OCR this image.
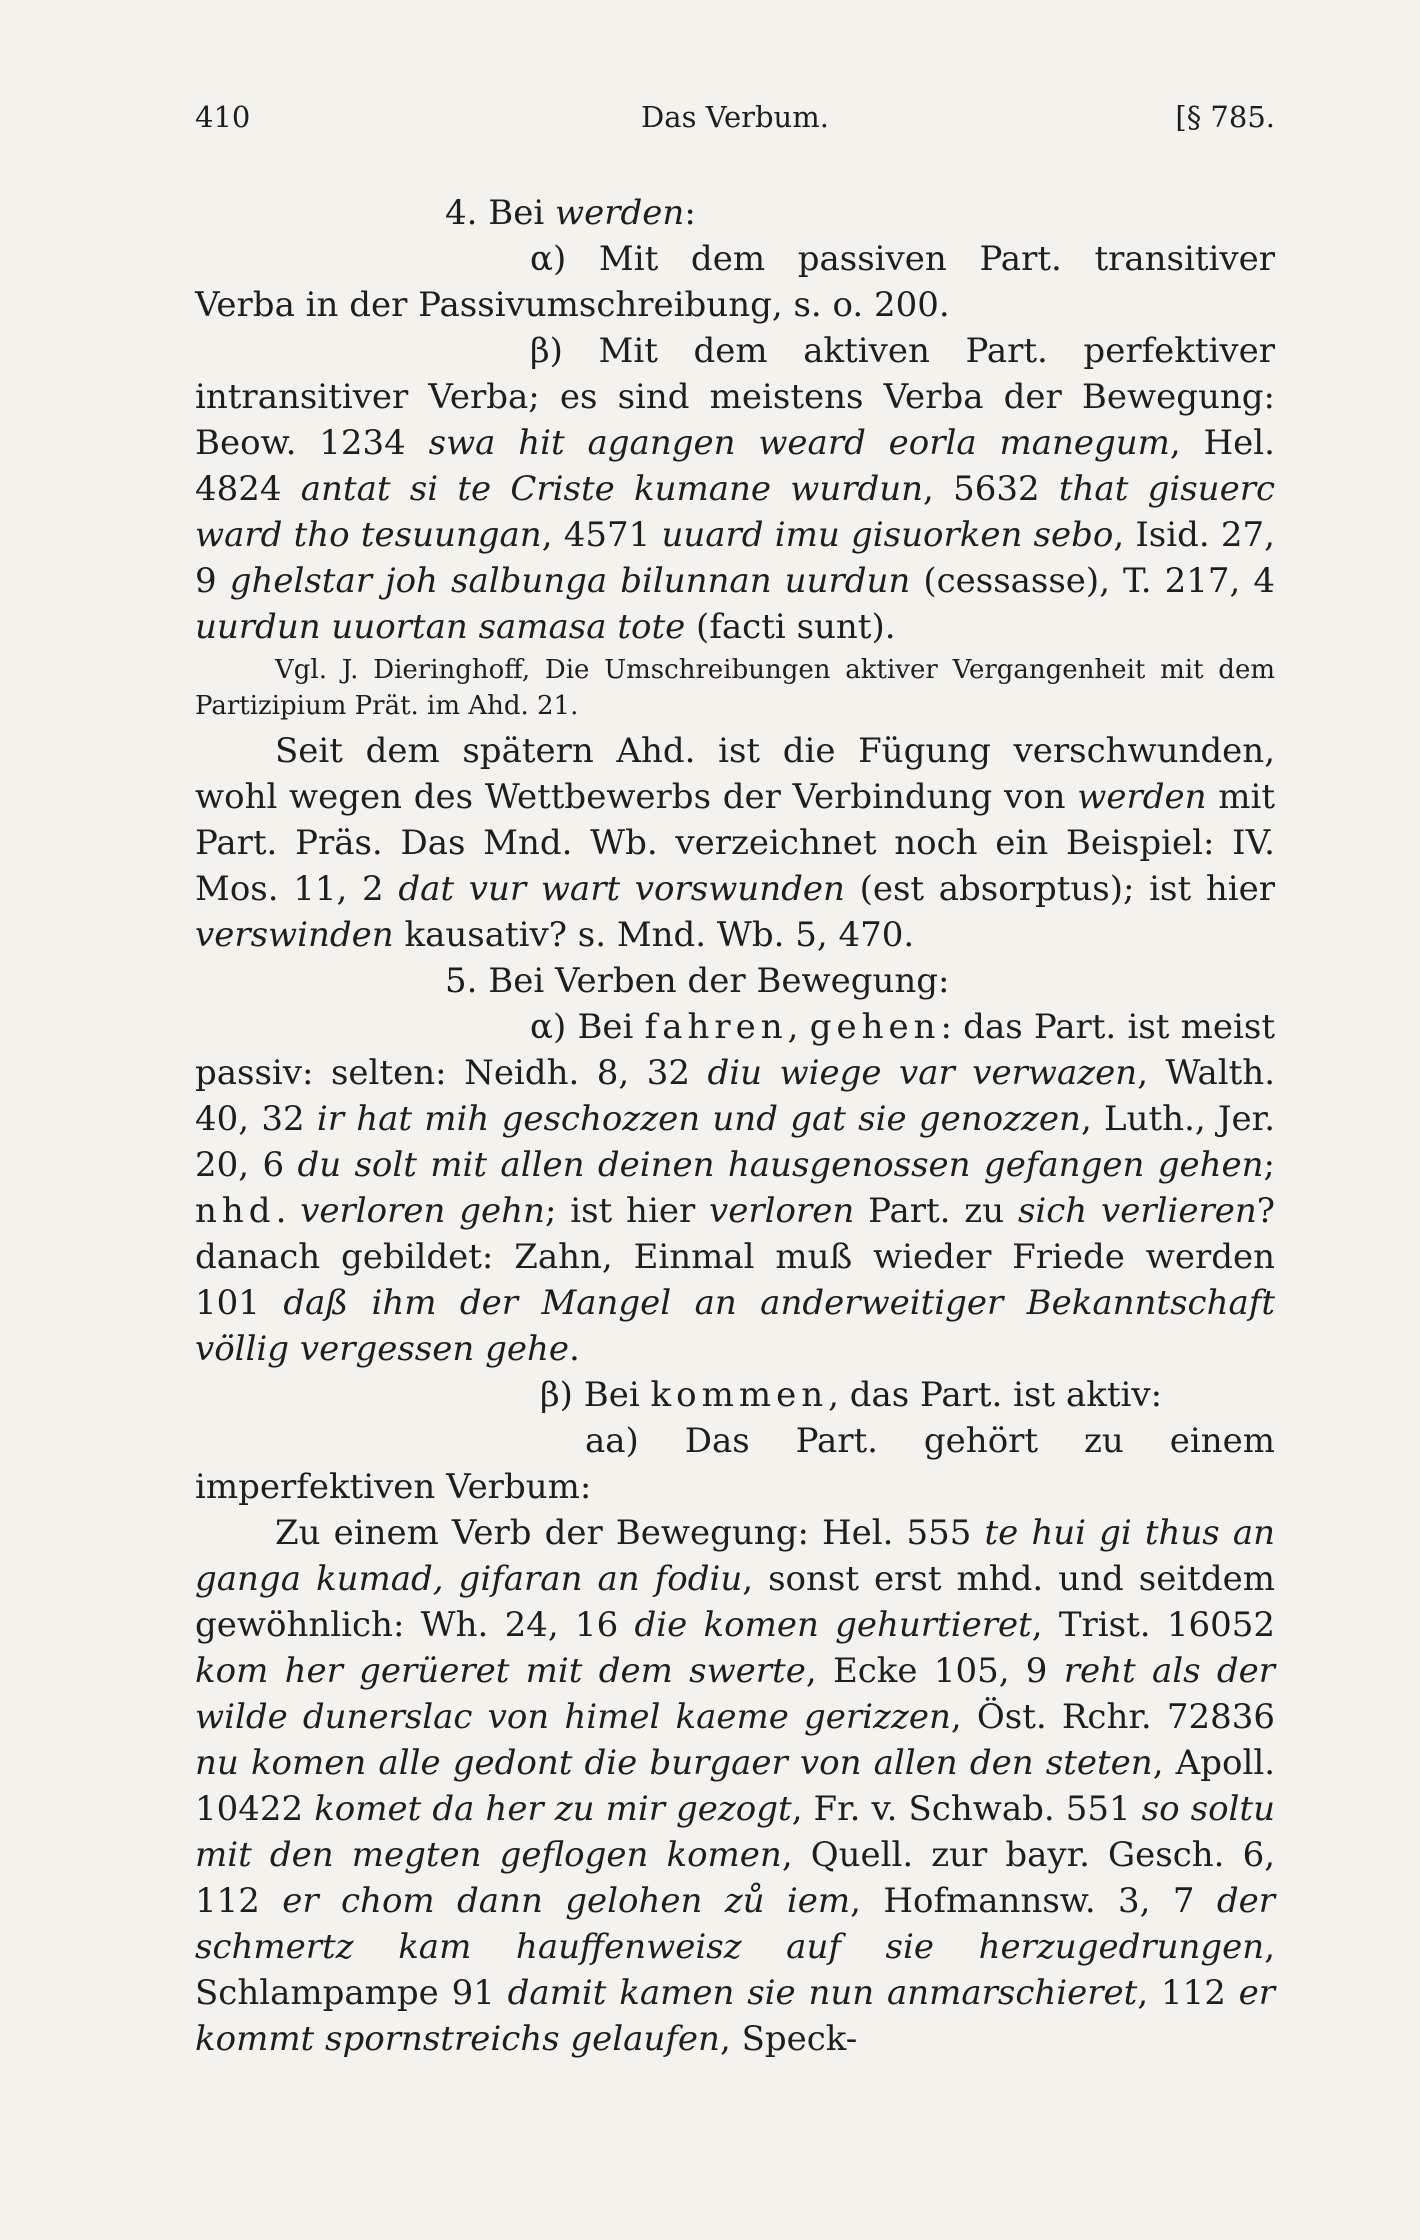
410	Das Verbum.	[§ 785.

4. Bei werden:

α) Mit dem passiven Part. transitiver Verba in der Passivumschreibung, s. o. 200.

β) Mit dem aktiven Part. perfektiver intransitiver Verba; es sind meistens Verba der Bewegung: Beow. 1234 swa hit agangen weard eorla manegum, Hel. 4824 antat si te Criste kumane wurdun, 5632 that gisuerc ward tho tesuungan, 4571 uuard imu gisuorken sebo, Isid. 27, 9 ghelstar joh salbunga bilunnan uurdun (cessasse), T. 217, 4 uurdun uuortan samasa tote (facti sunt).

Vgl. J. Dieringhoff, Die Umschreibungen aktiver Vergangenheit mit dem Partizipium Prät. im Ahd. 21.

Seit dem spätern Ahd. ist die Fügung verschwunden, wohl wegen des Wettbewerbs der Verbindung von werden mit Part. Präs. Das Mnd. Wb. verzeichnet noch ein Beispiel: IV. Mos. 11, 2 dat vur wart vorswunden (est absorptus); ist hier verswinden kausativ? s. Mnd. Wb. 5, 470.

5. Bei Verben der Bewegung:

α) Bei fahren, gehen: das Part. ist meist passiv: selten: Neidh. 8, 32 diu wiege var verwazen, Walth. 40, 32 ir hat mih geschozzen und gat sie genozzen, Luth., Jer. 20, 6 du solt mit allen deinen hausgenossen gefangen gehen; nhd. verloren gehn; ist hier verloren Part. zu sich verlieren? danach gebildet: Zahn, Einmal muß wieder Friede werden 101 daß ihm der Mangel an anderweitiger Bekanntschaft völlig vergessen gehe.

β) Bei kommen, das Part. ist aktiv:

aa) Das Part. gehört zu einem imperfektiven Verbum:

Zu einem Verb der Bewegung: Hel. 555 te hui gi thus an ganga kumad, gifaran an fodiu, sonst erst mhd. und seitdem gewöhnlich: Wh. 24, 16 die komen gehurtieret, Trist. 16052 kom her gerüeret mit dem swerte, Ecke 105, 9 reht als der wilde dunerslac von himel kaeme gerizzen, Öst. Rchr. 72836 nu komen alle gedont die burgaer von allen den steten, Apoll. 10422 komet da her zu mir gezogt, Fr. v. Schwab. 551 so soltu mit den megten geflogen komen, Quell. zur bayr. Gesch. 6, 112 er chom dann gelohen zů iem, Hofmannsw. 3, 7 der schmertz kam hauffenweisz auf sie herzugedrungen, Schlampampe 91 damit kamen sie nun anmarschieret, 112 er kommt spornstreichs gelaufen, Speck-
